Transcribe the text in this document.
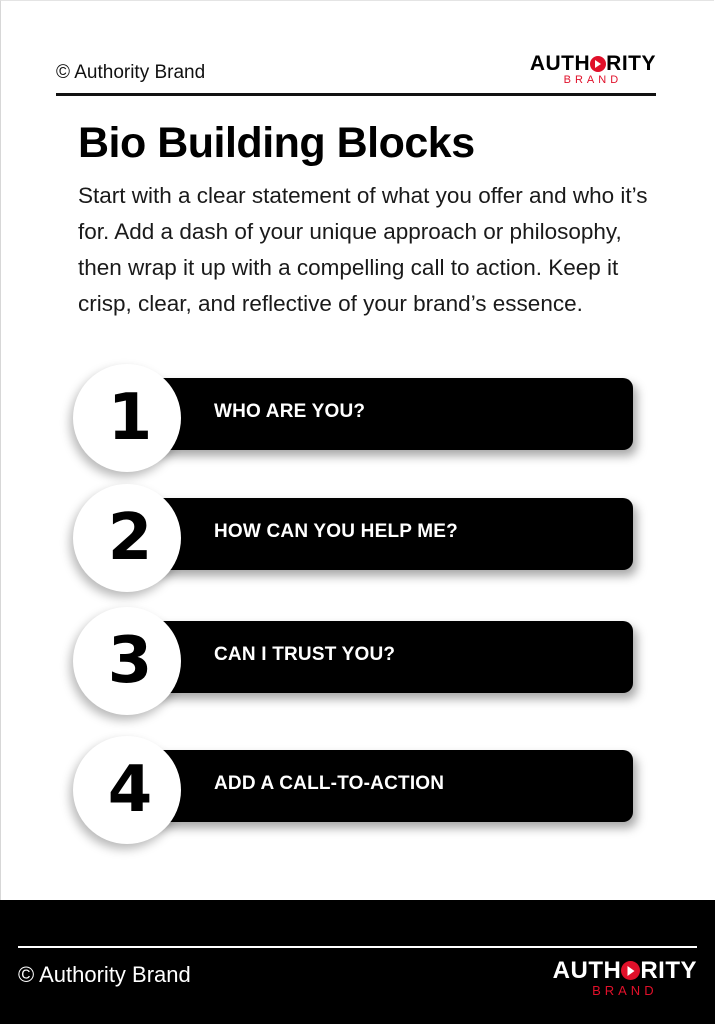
© Authority Brand	AUTH RITY
BRAND
Bio Building Blocks

Start with a clear statement of what you offer and who it’s for. Add a dash of your unique approach or philosophy, then wrap it up with a compelling call to action. Keep it crisp, clear, and reflective of your brand’s essence.

WHO ARE YOU?
1
HOW CAN YOU HELP ME?
2
CAN I TRUST YOU?
3
ADD A CALL-TO-ACTION
4
© Authority Brand	AUTH RITY
BRAND
